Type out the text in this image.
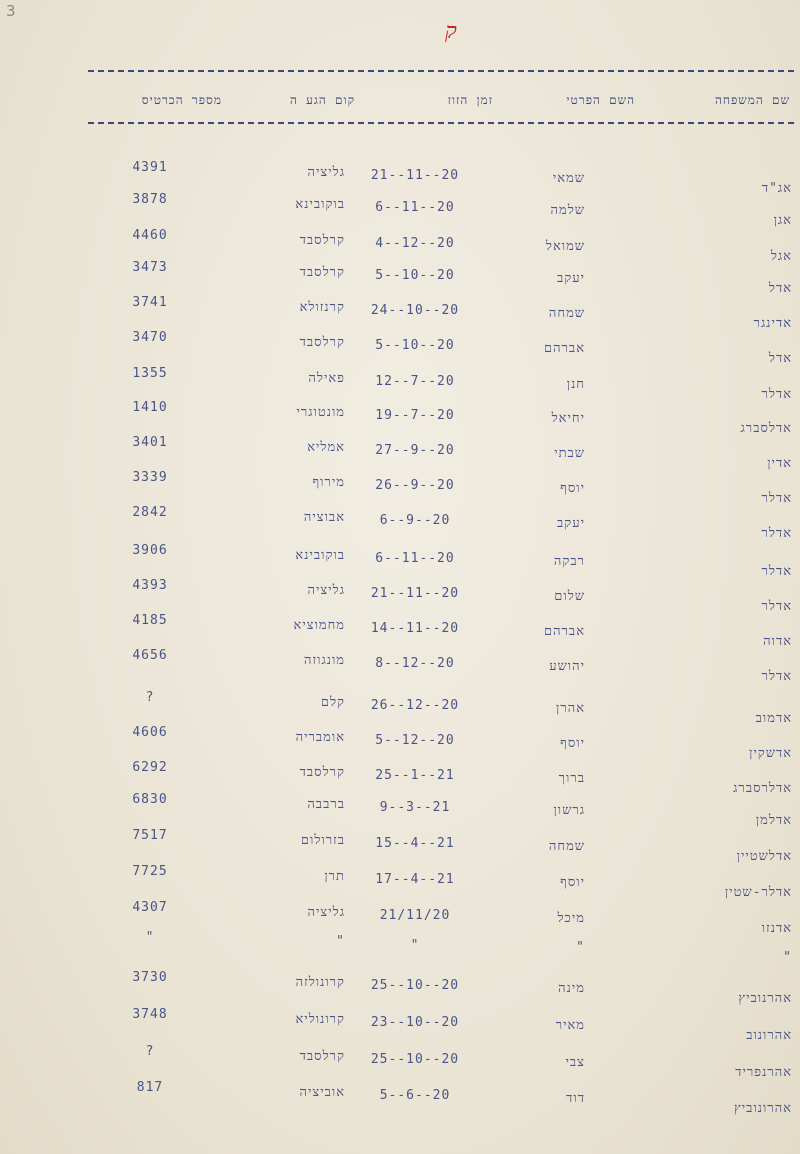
3
ק
שם המשפחה
השם הפרטי
זמן הזוז
קום הגע ה
מספר הכרטיס
אג"ד
שמאי
21--11--20
גליציה
4391
אגן
שלמה
6--11--20
בוקובינא
3878
אגל
שמואל
4--12--20
קרלסבד
4460
אדל
יעקב
5--10--20
קרלסבד
3473
אדינגר
שמחה
24--10--20
קרנזולא
3741
אדל
אברהם
5--10--20
קרלסבד
3470
אדלר
חנן
12--7--20
פאילה
1355
אדלסברג
יחיאל
19--7--20
מונטוגרי
1410
אדין
שבתי
27--9--20
אמליא
3401
אדלר
יוסף
26--9--20
מירוף
3339
אדלר
יעקב
6--9--20
אבוציה
2842
אדלר
רבקה
6--11--20
בוקובינא
3906
אדלר
שלום
21--11--20
גליציה
4393
אדוה
אברהם
14--11--20
מחמוציא
4185
אדלר
יהושע
8--12--20
מונגוזה
4656
אדמוב
אהרן
26--12--20
קלם
?
אדשקין
יוסף
5--12--20
אומבריה
4606
אדלרסברג
ברוך
25--1--21
קרלסבד
6292
אדלמן
גרשון
9--3--21
ברבבה
6830
אדלשטיין
שמחה
15--4--21
בזרולום
7517
אדלר-שטין
יוסף
17--4--21
תרן
7725
אדנזו
מיכל
21/11/20
גליציה
4307
"
"
"
"
"
אהרנוביץ
מינה
25--10--20
קרונולזה
3730
אהרונוב
מאיר
23--10--20
קרונוליא
3748
אהרנפריד
צבי
25--10--20
קרלסבד
?
אהרונוביץ
דוד
5--6--20
אוביציה
817
